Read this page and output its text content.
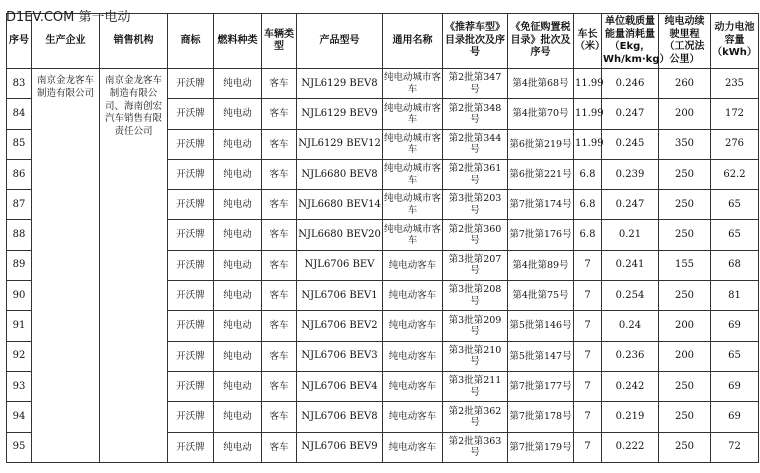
D1EV.COM 第一电动
序号	生产企业	销售机构	商标	燃料种类	车辆类型	产品型号	通用名称	《推荐车型》目录批次及序号	《免征购置税目录》批次及序号	车长（米）	单位载质量能量消耗量（Ekg，Wh/km·kg）	纯电动续驶里程（工况法公里）	动力电池容量（kWh）
83	南京金龙客车制造有限公司	南京金龙客车制造有限公司、海南创宏汽车销售有限责任公司	开沃牌	纯电动	客车	NJL6129 BEV8	纯电动城市客车	第2批第347号	第4批第68号	11.99	0.246	260	235
84			开沃牌	纯电动	客车	NJL6129 BEV9	纯电动城市客车	第2批第348号	第4批第70号	11.99	0.247	200	172
85			开沃牌	纯电动	客车	NJL6129 BEV12	纯电动城市客车	第2批第344号	第6批第219号	11.99	0.245	350	276
86			开沃牌	纯电动	客车	NJL6680 BEV8	纯电动城市客车	第2批第361号	第6批第221号	6.8	0.239	250	62.2
87			开沃牌	纯电动	客车	NJL6680 BEV14	纯电动城市客车	第3批第203号	第7批第174号	6.8	0.247	250	65
88			开沃牌	纯电动	客车	NJL6680 BEV20	纯电动城市客车	第2批第360号	第7批第176号	6.8	0.21	250	65
89			开沃牌	纯电动	客车	NJL6706 BEV	纯电动客车	第3批第207号	第4批第89号	7	0.241	155	68
90			开沃牌	纯电动	客车	NJL6706 BEV1	纯电动客车	第3批第208号	第4批第75号	7	0.254	250	81
91			开沃牌	纯电动	客车	NJL6706 BEV2	纯电动客车	第3批第209号	第5批第146号	7	0.24	200	69
92			开沃牌	纯电动	客车	NJL6706 BEV3	纯电动客车	第3批第210号	第5批第147号	7	0.236	200	65
93			开沃牌	纯电动	客车	NJL6706 BEV4	纯电动客车	第3批第211号	第7批第177号	7	0.242	250	69
94			开沃牌	纯电动	客车	NJL6706 BEV8	纯电动客车	第2批第362号	第7批第178号	7	0.219	250	69
95			开沃牌	纯电动	客车	NJL6706 BEV9	纯电动客车	第2批第363号	第7批第179号	7	0.222	250	72
